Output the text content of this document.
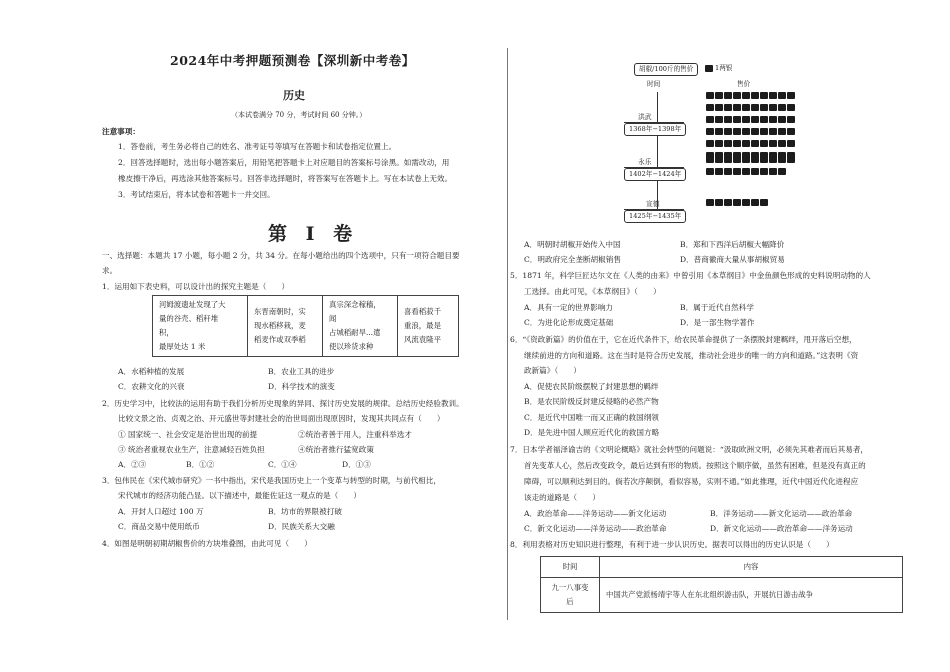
2024年中考押题预测卷【深圳新中考卷】
历史
（本试卷满分 70 分，考试时间 60 分钟。）
注意事项：
1．答卷前，考生务必将自己的姓名、准考证号等填写在答题卡和试卷指定位置上。
2．回答选择题时，选出每小题答案后，用铅笔把答题卡上对应题目的答案标号涂黑。如需改动，用
橡皮擦干净后，再选涂其他答案标号。回答非选择题时，将答案写在答题卡上。写在本试卷上无效。
3．考试结束后，将本试卷和答题卡一并交回。
第 I 卷
一、选择题：本题共 17 小题，每小题 2 分，共 34 分。在每小题给出的四个选项中，只有一项符合题目要
求。
1．运用如下表史料，可以设计出的探究主题是（　　）
河姆渡遗址发现了大
量的谷壳、稻秆堆
积，
最厚处达 1 米

东晋南朝时，实
现水稻移栽，麦
稻麦作或双季稻

真宗深念稼穑，
闻
占城稻耐旱...遣
使以珍货求种

喜看稻菽千
重浪，最是
风流袁隆平
A．水稻种植的发展	B．农业工具的进步
C．农耕文化的兴衰	D．科学技术的演变
2．历史学习中，比较法的运用有助于我们分析历史现象的异同、探讨历史发展的规律。总结历史经验教训。
比较文景之治、贞观之治、开元盛世等封建社会的治世局面出现原因时，发现其共同点有（　　）
① 国家统一、社会安定是治世出现的前提	②统治者善于用人，注重科举选才
③ 统治者重视农业生产，注意减轻百姓负担	④统治者推行猛宽政策
A．②③	B．①②	C．①④	D．①③
3．包伟民在《宋代城市研究》一书中指出，宋代是我国历史上一个变革与转型的时期，与前代相比，
宋代城市的经济功能凸显。以下描述中，最能佐证这一观点的是（　　）
A．开封人口超过 100 万	B．坊市的界限被打破
C．商品交易中使用纸币	D．民族关系大交融
4．如图是明朝初期胡椒售价的方块堆叠图，由此可见（　　）
胡椒/100斤的售价	1两银
时间	售价
洪武
1368年−1398年

永乐
1402年−1424年

宣德
1425年−1435年
A．明朝时胡椒开始传入中国	B．郑和下西洋后胡椒大幅降价
C．明政府完全垄断胡椒销售	D．普商徽商大量从事胡椒贸易
5．1871 年，科学巨匠达尔文在《人类的由来》中曾引用《本草纲目》中金鱼颜色形成的史料说明动物的人
工选择。由此可见，《本草纲目》（　　）
A．具有一定的世界影响力	B．属于近代自然科学
C．为进化论形成奠定基础	D．是一部生物学著作
6．“《资政新篇》的价值在于，它在近代条件下，给农民革命提供了一条摆脱封建羁绊，甩开落后空想，
继续前进的方向和道路。这在当时是符合历史发展，推动社会进步的唯一的方向和道路。”这表明《资
政新篇》（　　）
A．促使农民阶级摆脱了封建思想的羁绊
B．是农民阶级反封建反侵略的必然产物
C．是近代中国唯一而又正确的救国纲领
D．是先进中国人顾应近代化的救国方略
7．日本学者福泽谕吉的《文明论概略》就社会转型的问题说：“汲取欧洲文明，必须先其难者而后其易者，
首先变革人心，然后改变政令，最后达到有形的物质。按照这个顺序做，虽然有困难，但是没有真正的
障碍，可以顺利达到目的。倘若次序颠倒，看似容易，实则不通。”如此推理，近代中国近代化进程应
该走的道路是（　　）
A．政治革命——洋务运动——新文化运动	B．洋务运动——新文化运动——政治革命
C．新文化运动——洋务运动——政治革命	D．新文化运动——政治革命——洋务运动
8．利用表格对历史知识进行整理，有利于进一步认识历史。据表可以得出的历史认识是（　　）
时间	内容

九一八事变
后	中国共产党派杨靖宇等人在东北组织游击队，开展抗日游击战争
